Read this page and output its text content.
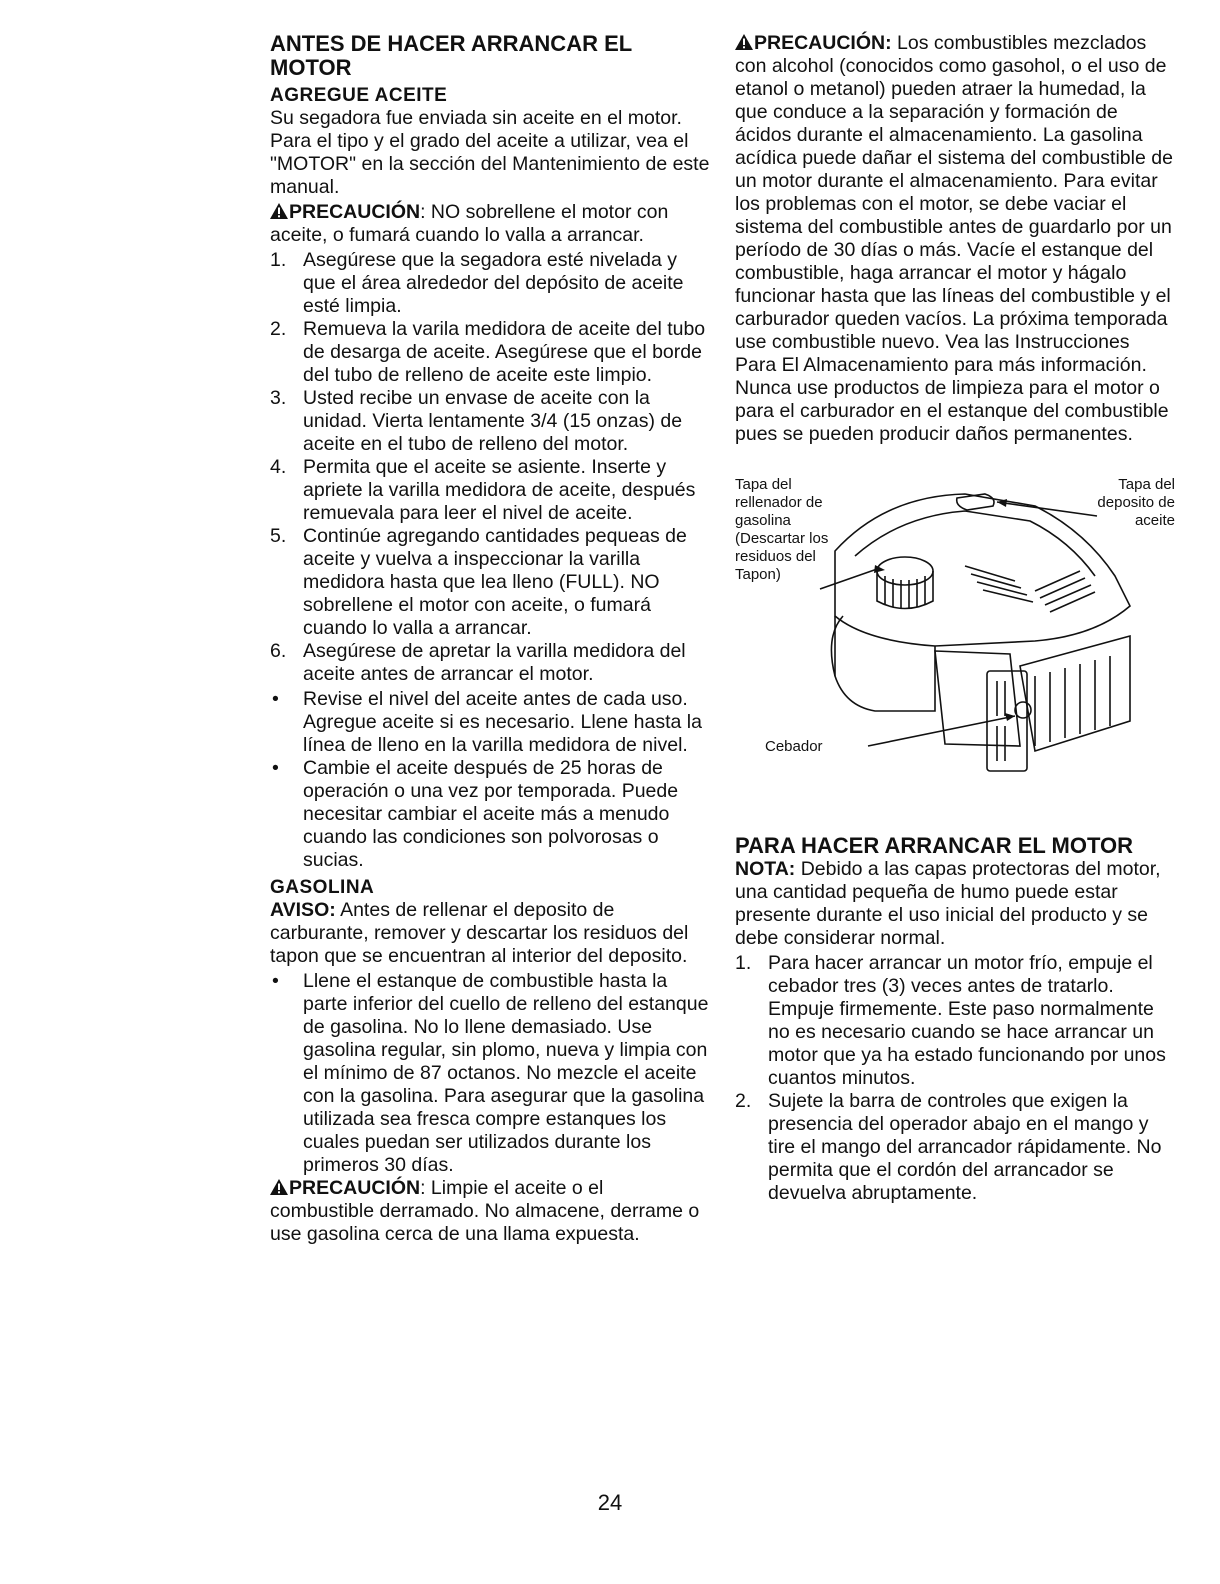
ANTES DE HACER ARRANCAR EL MOTOR
AGREGUE ACEITE

Su segadora fue enviada sin aceite en el motor. Para el tipo y el grado del aceite a utilizar, vea el "MOTOR" en la sección del Mantenimiento de este manual.

PRECAUCIÓN: NO sobrellene el motor con aceite, o fumará cuando lo valla a arrancar.

1. Asegúrese que la segadora esté nivelada y que el área alrededor del depósito de aceite esté limpia.
2. Remueva la varila medidora de aceite del tubo de desarga de aceite. Asegúrese que el borde del tubo de relleno de aceite este limpio.
3. Usted recibe un envase de aceite con la unidad. Vierta lentamente 3/4 (15 onzas) de aceite en el tubo de relleno del motor.
4. Permita que el aceite se asiente. Inserte y apriete la varilla medidora de aceite, después remuevala para leer el nivel de aceite.
5. Continúe agregando cantidades pequeas de aceite y vuelva a inspeccionar la varilla medidora hasta que lea lleno (FULL). NO sobrellene el motor con aceite, o fumará cuando lo valla a arrancar.
6. Asegúrese de apretar la varilla medidora del aceite antes de arrancar el motor.
•	Revise el nivel del aceite antes de cada uso. Agregue aceite si es necesario. Llene hasta la línea de lleno en la varilla medidora de nivel.
•	Cambie el aceite después de 25 horas de operación o una vez por temporada. Puede necesitar cambiar el aceite más a menudo cuando las condiciones son polvorosas o sucias.
GASOLINA

AVISO: Antes de rellenar el deposito de carburante, remover y descartar los residuos del tapon que se encuentran al interior del deposito.

•	Llene el estanque de combustible hasta la parte inferior del cuello de relleno del estanque de gasolina. No lo llene demasiado. Use gasolina regular, sin plomo, nueva y limpia con el mínimo de 87 octanos. No mezcle el aceite con la gasolina. Para asegurar que la gasolina utilizada sea fresca compre estanques los cuales puedan ser utilizados durante los primeros 30 días.

PRECAUCIÓN: Limpie el aceite o el combustible derramado. No almacene, derrame o use gasolina cerca de una llama expuesta.

PRECAUCIÓN: Los combustibles mezclados con alcohol (conocidos como gasohol, o el uso de etanol o metanol) pueden atraer la humedad, la que conduce a la separación y formación de ácidos durante el almacenamiento. La gasolina acídica puede dañar el sistema del combustible de un motor durante el almacenamiento. Para evitar los problemas con el motor, se debe vaciar el sistema del combustible antes de guardarlo por un período de 30 días o más. Vacíe el estanque del combustible, haga arrancar el motor y hágalo funcionar hasta que las líneas del combustible y el carburador queden vacíos. La próxima temporada use combustible nuevo. Vea las Instrucciones Para El Almacenamiento para más información. Nunca use productos de limpieza para el motor o para el carburador en el estanque del combustible pues se pueden producir daños permanentes.

Tapa del rellenador de gasolina (Descartar los residuos del Tapon)
Tapa del deposito de aceite
Cebador
PARA HACER ARRANCAR EL MOTOR

NOTA: Debido a las capas protectoras del motor, una cantidad pequeña de humo puede estar presente durante el uso inicial del producto y se debe considerar normal.

1. Para hacer arrancar un motor frío, empuje el cebador tres (3) veces antes de tratarlo. Empuje firmemente. Este paso normalmente no es necesario cuando se hace arrancar un motor que ya ha estado funcionando por unos cuantos minutos.
2. Sujete la barra de controles que exigen la presencia del operador abajo en el mango y tire el mango del arrancador rápidamente. No permita que el cordón del arrancador se devuelva abruptamente.
24
